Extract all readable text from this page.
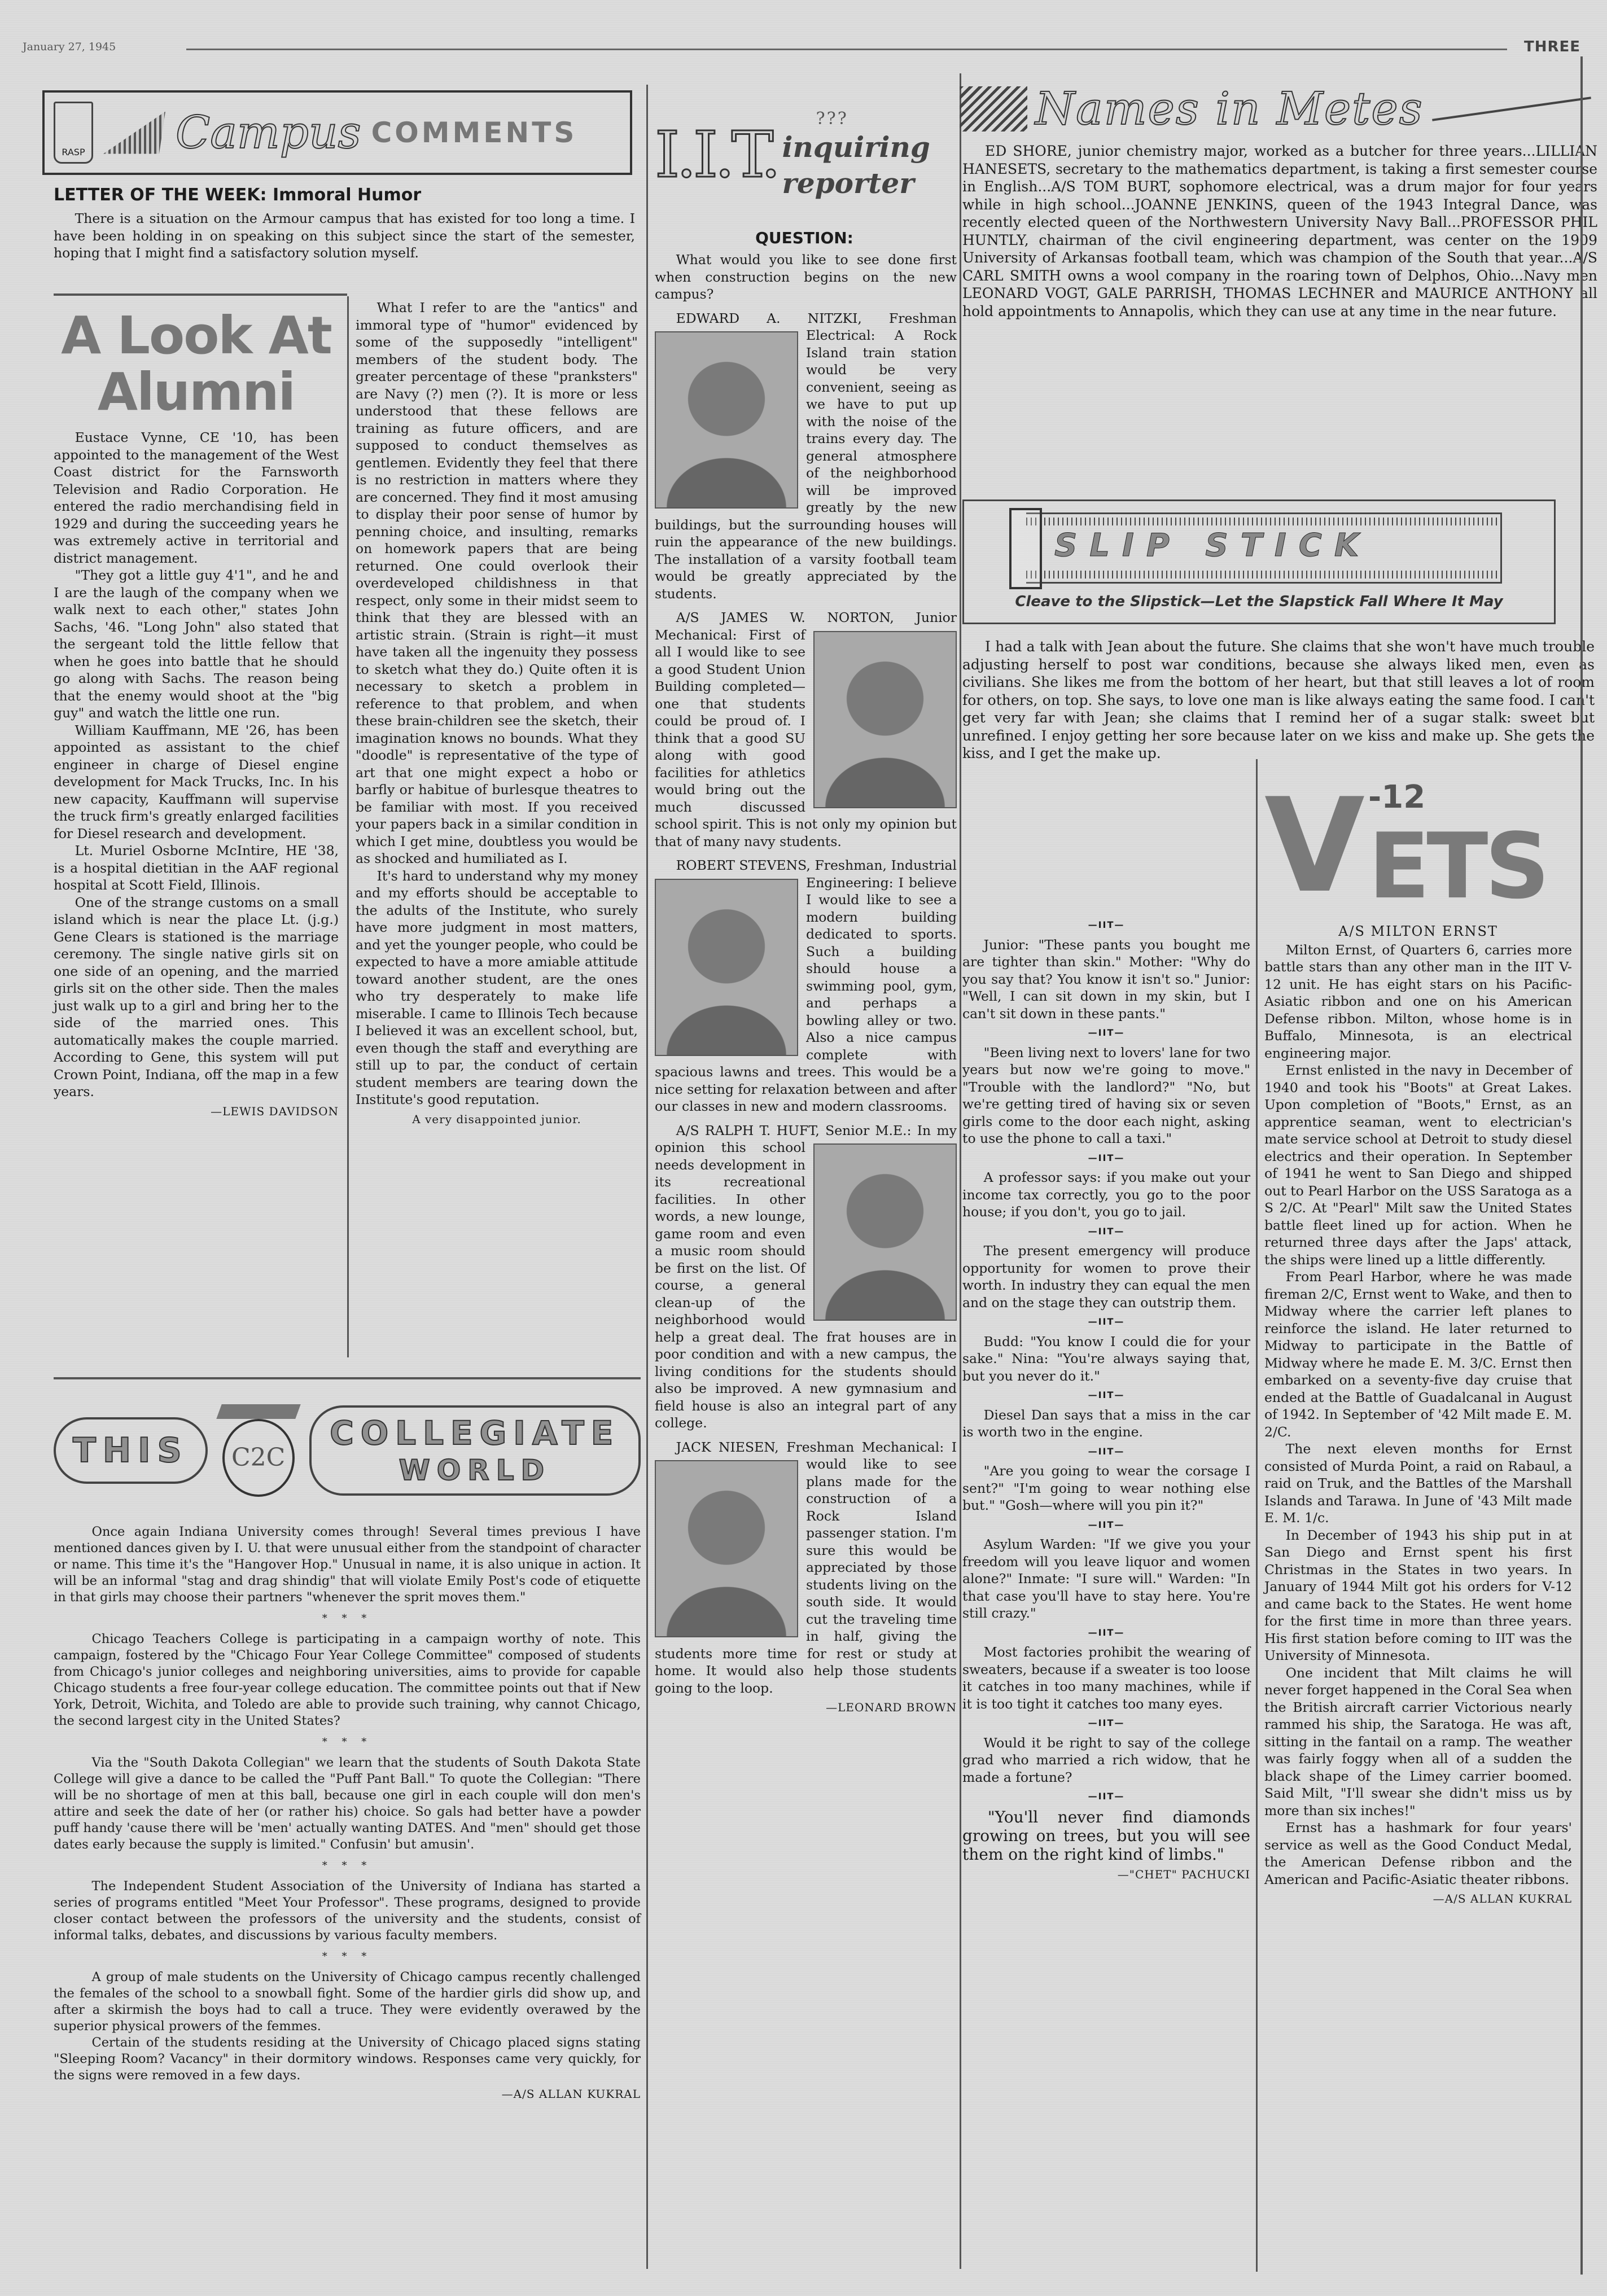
January 27, 1945	THREE
RASP Campus COMMENTS
LETTER OF THE WEEK: Immoral Humor

There is a situation on the Armour campus that has existed for too long a time. I have been holding in on speaking on this subject since the start of the semester, hoping that I might find a satisfactory solution myself.

A Look At Alumni

Eustace Vynne, CE '10, has been appointed to the management of the West Coast district for the Farnsworth Television and Radio Corporation. He entered the radio merchandising field in 1929 and during the succeeding years he was extremely active in territorial and district management.

"They got a little guy 4'1", and he and I are the laugh of the company when we walk next to each other," states John Sachs, '46. "Long John" also stated that the sergeant told the little fellow that when he goes into battle that he should go along with Sachs. The reason being that the enemy would shoot at the "big guy" and watch the little one run.

William Kauffmann, ME '26, has been appointed as assistant to the chief engineer in charge of Diesel engine development for Mack Trucks, Inc. In his new capacity, Kauffmann will supervise the truck firm's greatly enlarged facilities for Diesel research and development.

Lt. Muriel Osborne McIntire, HE '38, is a hospital dietitian in the AAF regional hospital at Scott Field, Illinois.

One of the strange customs on a small island which is near the place Lt. (j.g.) Gene Clears is stationed is the marriage ceremony. The single native girls sit on one side of an opening, and the married girls sit on the other side. Then the males just walk up to a girl and bring her to the side of the married ones. This automatically makes the couple married. According to Gene, this system will put Crown Point, Indiana, off the map in a few years.

—LEWIS DAVIDSON

What I refer to are the "antics" and immoral type of "humor" evidenced by some of the supposedly "intelligent" members of the student body. The greater percentage of these "pranksters" are Navy (?) men (?). It is more or less understood that these fellows are training as future officers, and are supposed to conduct themselves as gentlemen. Evidently they feel that there is no restriction in matters where they are concerned. They find it most amusing to display their poor sense of humor by penning choice, and insulting, remarks on homework papers that are being returned. One could overlook their overdeveloped childishness in that respect, only some in their midst seem to think that they are blessed with an artistic strain. (Strain is right—it must have taken all the ingenuity they possess to sketch what they do.) Quite often it is necessary to sketch a problem in reference to that problem, and when these brain-children see the sketch, their imagination knows no bounds. What they "doodle" is representative of the type of art that one might expect a hobo or barfly or habitue of burlesque theatres to be familiar with most. If you received your papers back in a similar condition in which I get mine, doubtless you would be as shocked and humiliated as I.

It's hard to understand why my money and my efforts should be acceptable to the adults of the Institute, who surely have more judgment in most matters, and yet the younger people, who could be expected to have a more amiable attitude toward another student, are the ones who try desperately to make life miserable. I came to Illinois Tech because I believed it was an excellent school, but, even though the staff and everything are still up to par, the conduct of certain student members are tearing down the Institute's good reputation.

A very disappointed junior.
THIS	C2C
COLLEGIATE
WORLD

Once again Indiana University comes through! Several times previous I have mentioned dances given by I. U. that were unusual either from the standpoint of character or name. This time it's the "Hangover Hop." Unusual in name, it is also unique in action. It will be an informal "stag and drag shindig" that will violate Emily Post's code of etiquette in that girls may choose their partners "whenever the sprit moves them."

* * *

Chicago Teachers College is participating in a campaign worthy of note. This campaign, fostered by the "Chicago Four Year College Committee" composed of students from Chicago's junior colleges and neighboring universities, aims to provide for capable Chicago students a free four-year college education. The committee points out that if New York, Detroit, Wichita, and Toledo are able to provide such training, why cannot Chicago, the second largest city in the United States?

* * *

Via the "South Dakota Collegian" we learn that the students of South Dakota State College will give a dance to be called the "Puff Pant Ball." To quote the Collegian: "There will be no shortage of men at this ball, because one girl in each couple will don men's attire and seek the date of her (or rather his) choice. So gals had better have a powder puff handy 'cause there will be 'men' actually wanting DATES. And "men" should get those dates early because the supply is limited." Confusin' but amusin'.

* * *

The Independent Student Association of the University of Indiana has started a series of programs entitled "Meet Your Professor". These programs, designed to provide closer contact between the professors of the university and the students, consist of informal talks, debates, and discussions by various faculty members.

* * *

A group of male students on the University of Chicago campus recently challenged the females of the school to a snowball fight. Some of the hardier girls did show up, and after a skirmish the boys had to call a truce. They were evidently overawed by the superior physical prowers of the femmes.

Certain of the students residing at the University of Chicago placed signs stating "Sleeping Room? Vacancy" in their dormitory windows. Responses came very quickly, for the signs were removed in a few days.

—A/S ALLAN KUKRAL
I.I.T.	???
inquiring
reporter
QUESTION:

What would you like to see done first when construction begins on the new campus?

EDWARD A. NITZKI, Freshman Electrical: A Rock Island train station would be very convenient, seeing as we have to put up with the noise of the trains every day. The general atmosphere of the neighborhood will be improved greatly by the new buildings, but the surrounding houses will ruin the appearance of the new buildings. The installation of a varsity football team would be greatly appreciated by the students.

A/S JAMES W. NORTON, Junior Mechanical: First of all I would like to see a good Student Union Building completed—one that students could be proud of. I think that a good SU along with good facilities for athletics would bring out the much discussed school spirit. This is not only my opinion but that of many navy students.

ROBERT STEVENS, Freshman, Industrial Engineering: I believe I would like to see a modern building dedicated to sports. Such a building should house a swimming pool, gym, and perhaps a bowling alley or two. Also a nice campus complete with spacious lawns and trees. This would be a nice setting for relaxation between and after our classes in new and modern classrooms.

A/S RALPH T. HUFT, Senior M.E.: In my opinion this school needs development in its recreational facilities. In other words, a new lounge, game room and even a music room should be first on the list. Of course, a general clean-up of the neighborhood would help a great deal. The frat houses are in poor condition and with a new campus, the living conditions for the students should also be improved. A new gymnasium and field house is also an integral part of any college.

JACK NIESEN, Freshman Mechanical: I would like to see plans made for the construction of a Rock Island passenger station. I'm sure this would be appreciated by those students living on the south side. It would cut the traveling time in half, giving the students more time for rest or study at home. It would also help those students going to the loop.

—LEONARD BROWN
Names in Metes

ED SHORE, junior chemistry major, worked as a butcher for three years...LILLIAN HANESETS, secretary to the mathematics department, is taking a first semester course in English...A/S TOM BURT, sophomore electrical, was a drum major for four years while in high school...JOANNE JENKINS, queen of the 1943 Integral Dance, was recently elected queen of the Northwestern University Navy Ball...PROFESSOR PHIL HUNTLY, chairman of the civil engineering department, was center on the 1909 University of Arkansas football team, which was champion of the South that year...A/S CARL SMITH owns a wool company in the roaring town of Delphos, Ohio...Navy men LEONARD VOGT, GALE PARRISH, THOMAS LECHNER and MAURICE ANTHONY all hold appointments to Annapolis, which they can use at any time in the near future.

SLIP STICK
Cleave to the Slipstick—Let the Slapstick Fall Where It May

I had a talk with Jean about the future. She claims that she won't have much trouble adjusting herself to post war conditions, because she always liked men, even as civilians. She likes me from the bottom of her heart, but that still leaves a lot of room for others, on top. She says, to love one man is like always eating the same food. I can't get very far with Jean; she claims that I remind her of a sugar stalk: sweet but unrefined. I enjoy getting her sore because later on we kiss and make up. She gets the kiss, and I get the make up.

—IIT—

Junior: "These pants you bought me are tighter than skin." Mother: "Why do you say that? You know it isn't so." Junior: "Well, I can sit down in my skin, but I can't sit down in these pants."

—IIT—

"Been living next to lovers' lane for two years but now we're going to move." "Trouble with the landlord?" "No, but we're getting tired of having six or seven girls come to the door each night, asking to use the phone to call a taxi."

—IIT—

A professor says: if you make out your income tax correctly, you go to the poor house; if you don't, you go to jail.

—IIT—

The present emergency will produce opportunity for women to prove their worth. In industry they can equal the men and on the stage they can outstrip them.

—IIT—

Budd: "You know I could die for your sake." Nina: "You're always saying that, but you never do it."

—IIT—

Diesel Dan says that a miss in the car is worth two in the engine.

—IIT—

"Are you going to wear the corsage I sent?" "I'm going to wear nothing else but." "Gosh—where will you pin it?"

—IIT—

Asylum Warden: "If we give you your freedom will you leave liquor and women alone?" Inmate: "I sure will." Warden: "In that case you'll have to stay here. You're still crazy."

—IIT—

Most factories prohibit the wearing of sweaters, because if a sweater is too loose it catches in too many machines, while if it is too tight it catches too many eyes.

—IIT—

Would it be right to say of the college grad who married a rich widow, that he made a fortune?

—IIT—

"You'll never find diamonds growing on trees, but you will see them on the right kind of limbs."

—"CHET" PACHUCKI
V -12
ETS
A/S MILTON ERNST

Milton Ernst, of Quarters 6, carries more battle stars than any other man in the IIT V-12 unit. He has eight stars on his Pacific-Asiatic ribbon and one on his American Defense ribbon. Milton, whose home is in Buffalo, Minnesota, is an electrical engineering major.

Ernst enlisted in the navy in December of 1940 and took his "Boots" at Great Lakes. Upon completion of "Boots," Ernst, as an apprentice seaman, went to electrician's mate service school at Detroit to study diesel electrics and their operation. In September of 1941 he went to San Diego and shipped out to Pearl Harbor on the USS Saratoga as a S 2/C. At "Pearl" Milt saw the United States battle fleet lined up for action. When he returned three days after the Japs' attack, the ships were lined up a little differently.

From Pearl Harbor, where he was made fireman 2/C, Ernst went to Wake, and then to Midway where the carrier left planes to reinforce the island. He later returned to Midway to participate in the Battle of Midway where he made E. M. 3/C. Ernst then embarked on a seventy-five day cruise that ended at the Battle of Guadalcanal in August of 1942. In September of '42 Milt made E. M. 2/C.

The next eleven months for Ernst consisted of Murda Point, a raid on Rabaul, a raid on Truk, and the Battles of the Marshall Islands and Tarawa. In June of '43 Milt made E. M. 1/c.

In December of 1943 his ship put in at San Diego and Ernst spent his first Christmas in the States in two years. In January of 1944 Milt got his orders for V-12 and came back to the States. He went home for the first time in more than three years. His first station before coming to IIT was the University of Minnesota.

One incident that Milt claims he will never forget happened in the Coral Sea when the British aircraft carrier Victorious nearly rammed his ship, the Saratoga. He was aft, sitting in the fantail on a ramp. The weather was fairly foggy when all of a sudden the black shape of the Limey carrier boomed. Said Milt, "I'll swear she didn't miss us by more than six inches!"

Ernst has a hashmark for four years' service as well as the Good Conduct Medal, the American Defense ribbon and the American and Pacific-Asiatic theater ribbons.

—A/S ALLAN KUKRAL
